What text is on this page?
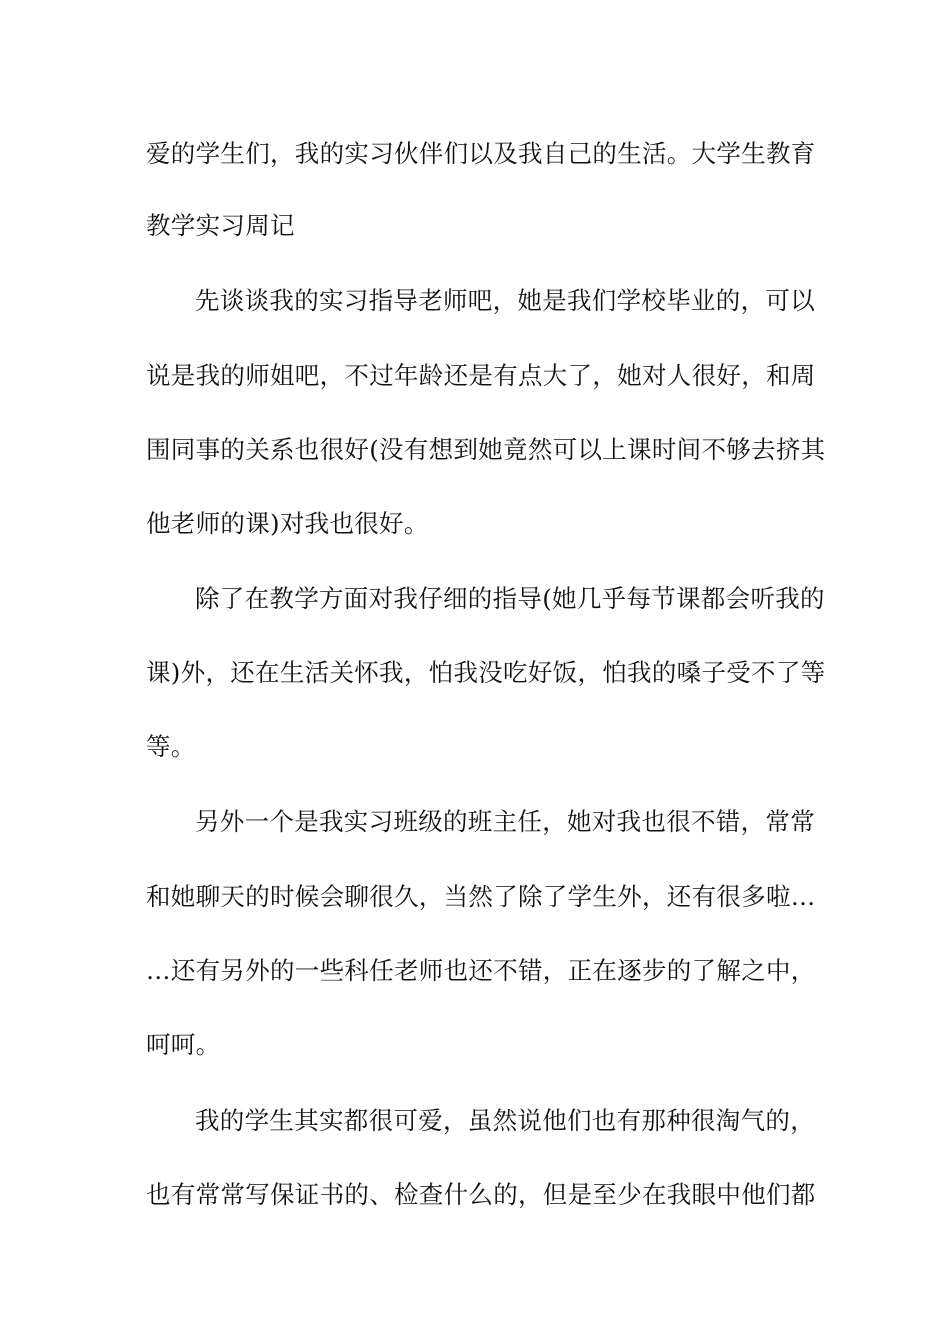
爱的学生们，我的实习伙伴们以及我自己的生活。大学生教育
教学实习周记
先谈谈我的实习指导老师吧，她是我们学校毕业的，可以
说是我的师姐吧，不过年龄还是有点大了，她对人很好，和周
围同事的关系也很好(没有想到她竟然可以上课时间不够去挤其
他老师的课)对我也很好。
除了在教学方面对我仔细的指导(她几乎每节课都会听我的
课)外，还在生活关怀我，怕我没吃好饭，怕我的嗓子受不了等
等。
另外一个是我实习班级的班主任，她对我也很不错，常常
和她聊天的时候会聊很久，当然了除了学生外，还有很多啦…
…还有另外的一些科任老师也还不错，正在逐步的了解之中，
呵呵。
我的学生其实都很可爱，虽然说他们也有那种很淘气的，
也有常常写保证书的、检查什么的，但是至少在我眼中他们都
